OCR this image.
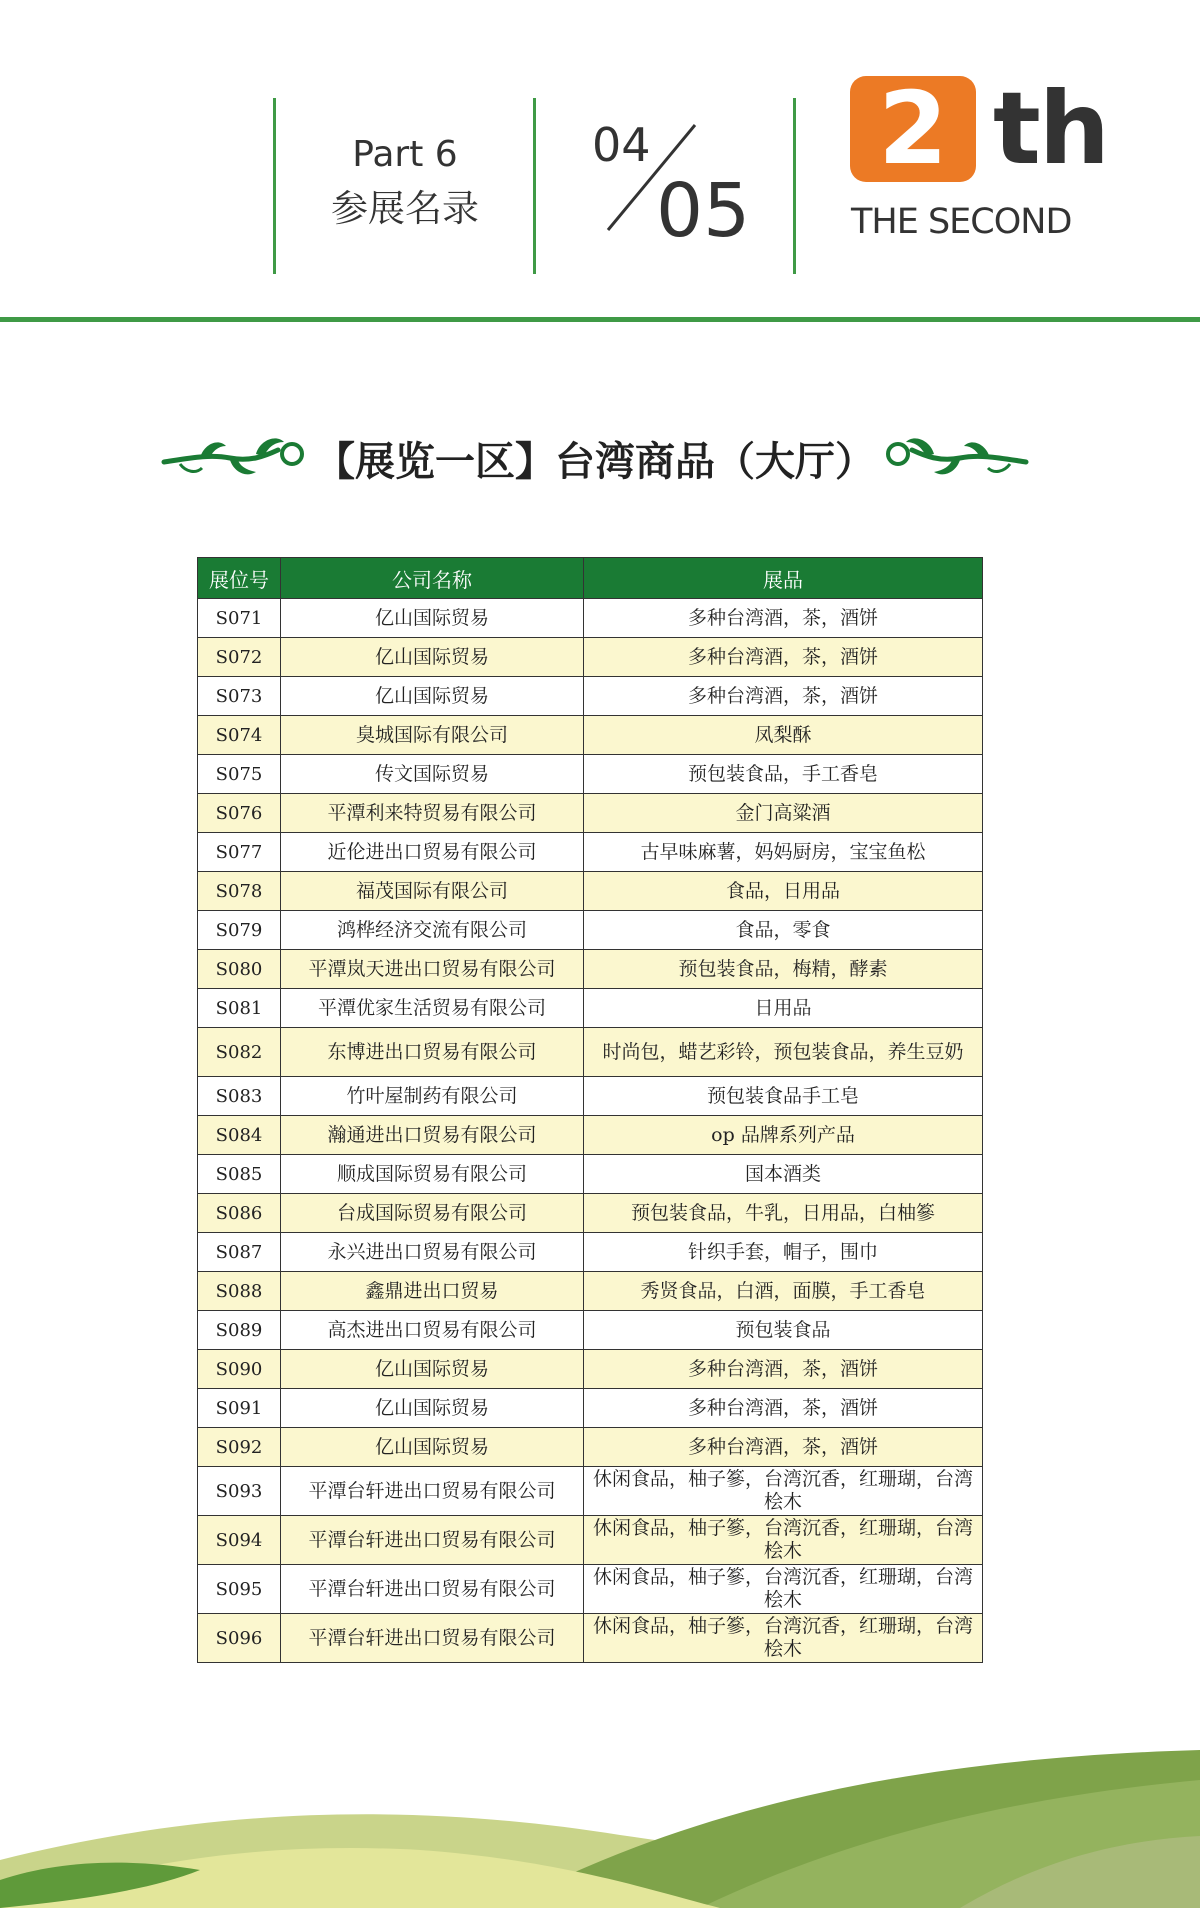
Part 6
参展名录
04
05
2 th
THE SECOND
【展览一区】台湾商品（大厅）
展位号	公司名称	展品
S071	亿山国际贸易	多种台湾酒，茶，酒饼
S072	亿山国际贸易	多种台湾酒，茶，酒饼
S073	亿山国际贸易	多种台湾酒，茶，酒饼
S074	臭城国际有限公司	凤梨酥
S075	传文国际贸易	预包装食品，手工香皂
S076	平潭利来特贸易有限公司	金门高粱酒
S077	近伦进出口贸易有限公司	古早味麻薯，妈妈厨房，宝宝鱼松
S078	福茂国际有限公司	食品，日用品
S079	鸿桦经济交流有限公司	食品，零食
S080	平潭岚天进出口贸易有限公司	预包装食品，梅精，酵素
S081	平潭优家生活贸易有限公司	日用品
S082	东博进出口贸易有限公司	时尚包，蜡艺彩铃，预包装食品，养生豆奶
S083	竹叶屋制药有限公司	预包装食品手工皂
S084	瀚通进出口贸易有限公司	op 品牌系列产品
S085	顺成国际贸易有限公司	国本酒类
S086	台成国际贸易有限公司	预包装食品，牛乳，日用品，白柚篸
S087	永兴进出口贸易有限公司	针织手套，帽子，围巾
S088	鑫鼎进出口贸易	秀贤食品，白酒，面膜，手工香皂
S089	高杰进出口贸易有限公司	预包装食品
S090	亿山国际贸易	多种台湾酒，茶，酒饼
S091	亿山国际贸易	多种台湾酒，茶，酒饼
S092	亿山国际贸易	多种台湾酒，茶，酒饼
S093	平潭台轩进出口贸易有限公司	休闲食品，柚子篸，台湾沉香，红珊瑚，台湾桧木
S094	平潭台轩进出口贸易有限公司	休闲食品，柚子篸，台湾沉香，红珊瑚，台湾桧木
S095	平潭台轩进出口贸易有限公司	休闲食品，柚子篸，台湾沉香，红珊瑚，台湾桧木
S096	平潭台轩进出口贸易有限公司	休闲食品，柚子篸，台湾沉香，红珊瑚，台湾桧木
